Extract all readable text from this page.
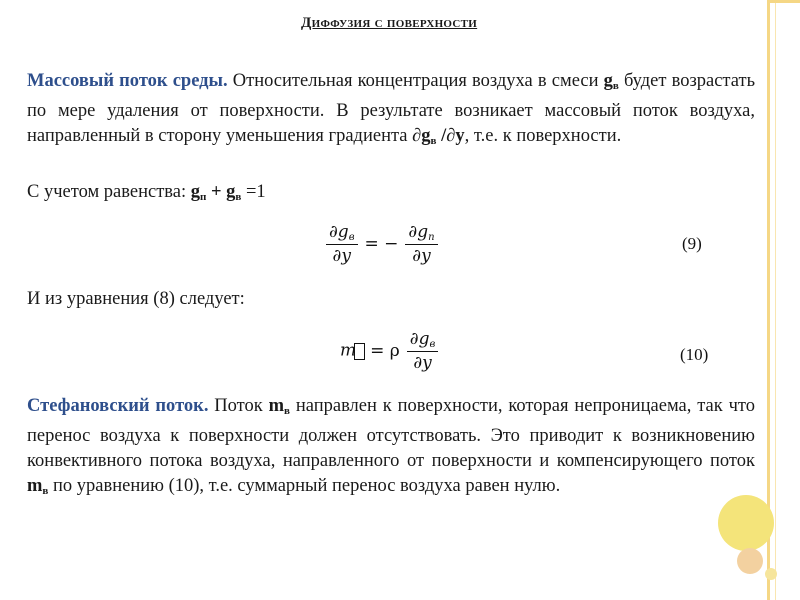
Диффузия с поверхности
Массовый поток среды. Относительная концентрация воздуха в смеси $g_в$ будет возрастать по мере удаления от поверхности. В результате возникает массовый поток воздуха, направленный в сторону уменьшения градиента $\partial g_в$ /∂y, т.е. к поверхности.
С учетом равенства: $g_п + g_в =1$
$\frac{\partial g_в}{\partial y}$ = − $\frac{\partial g_п}{\partial y}$	(9)
И из уравнения (8) следует:
m = ρ $\frac{\partial g_в}{\partial y}$	(10)
Стефановский поток. Поток $m_в$ направлен к поверхности, которая непроницаема, так что перенос воздуха к поверхности должен отсутствовать. Это приводит к возникновению конвективного потока воздуха, направленного от поверхности и компенсирующего поток $m_в$ по уравнению (10), т.е. суммарный перенос воздуха равен нулю.
